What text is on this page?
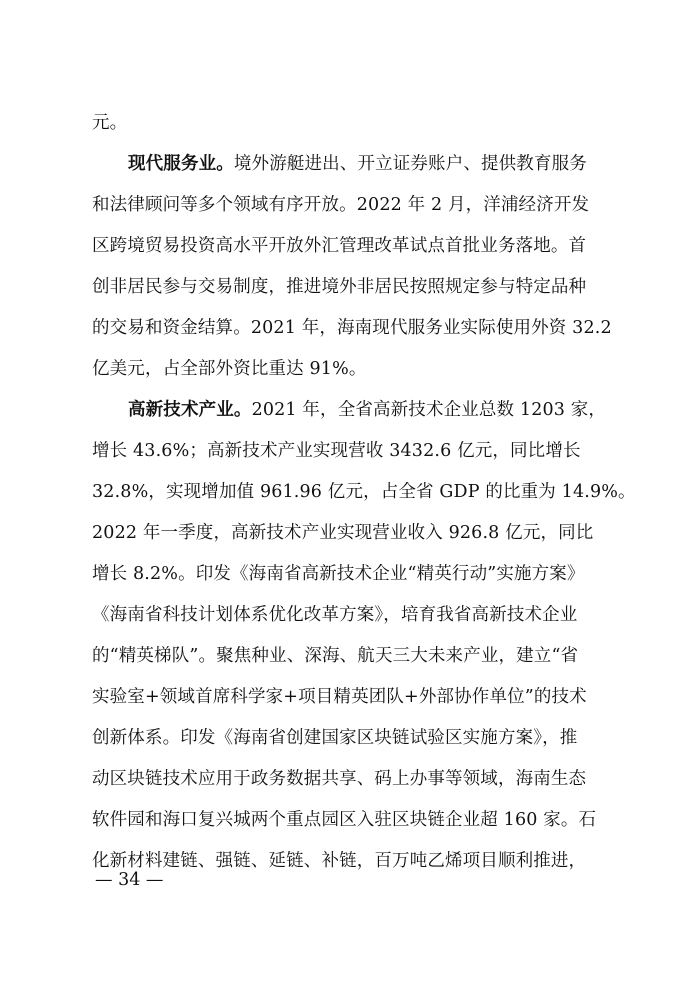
元。
现代服务业。境外游艇进出、开立证券账户、提供教育服务
和法律顾问等多个领域有序开放。2022 年 2 月，洋浦经济开发
区跨境贸易投资高水平开放外汇管理改革试点首批业务落地。首
创非居民参与交易制度，推进境外非居民按照规定参与特定品种
的交易和资金结算。2021 年，海南现代服务业实际使用外资 32.2
亿美元，占全部外资比重达 91%。
高新技术产业。2021 年，全省高新技术企业总数 1203 家，
增长 43.6%；高新技术产业实现营收 3432.6 亿元，同比增长
32.8%，实现增加值 961.96 亿元，占全省 GDP 的比重为 14.9%。
2022 年一季度，高新技术产业实现营业收入 926.8 亿元，同比
增长 8.2%。印发《海南省高新技术企业“精英行动”实施方案》
《海南省科技计划体系优化改革方案》，培育我省高新技术企业
的“精英梯队”。聚焦种业、深海、航天三大未来产业，建立“省
实验室+领域首席科学家+项目精英团队+外部协作单位”的技术
创新体系。印发《海南省创建国家区块链试验区实施方案》，推
动区块链技术应用于政务数据共享、码上办事等领域，海南生态
软件园和海口复兴城两个重点园区入驻区块链企业超 160 家。石
化新材料建链、强链、延链、补链，百万吨乙烯项目顺利推进，
— 34 —
